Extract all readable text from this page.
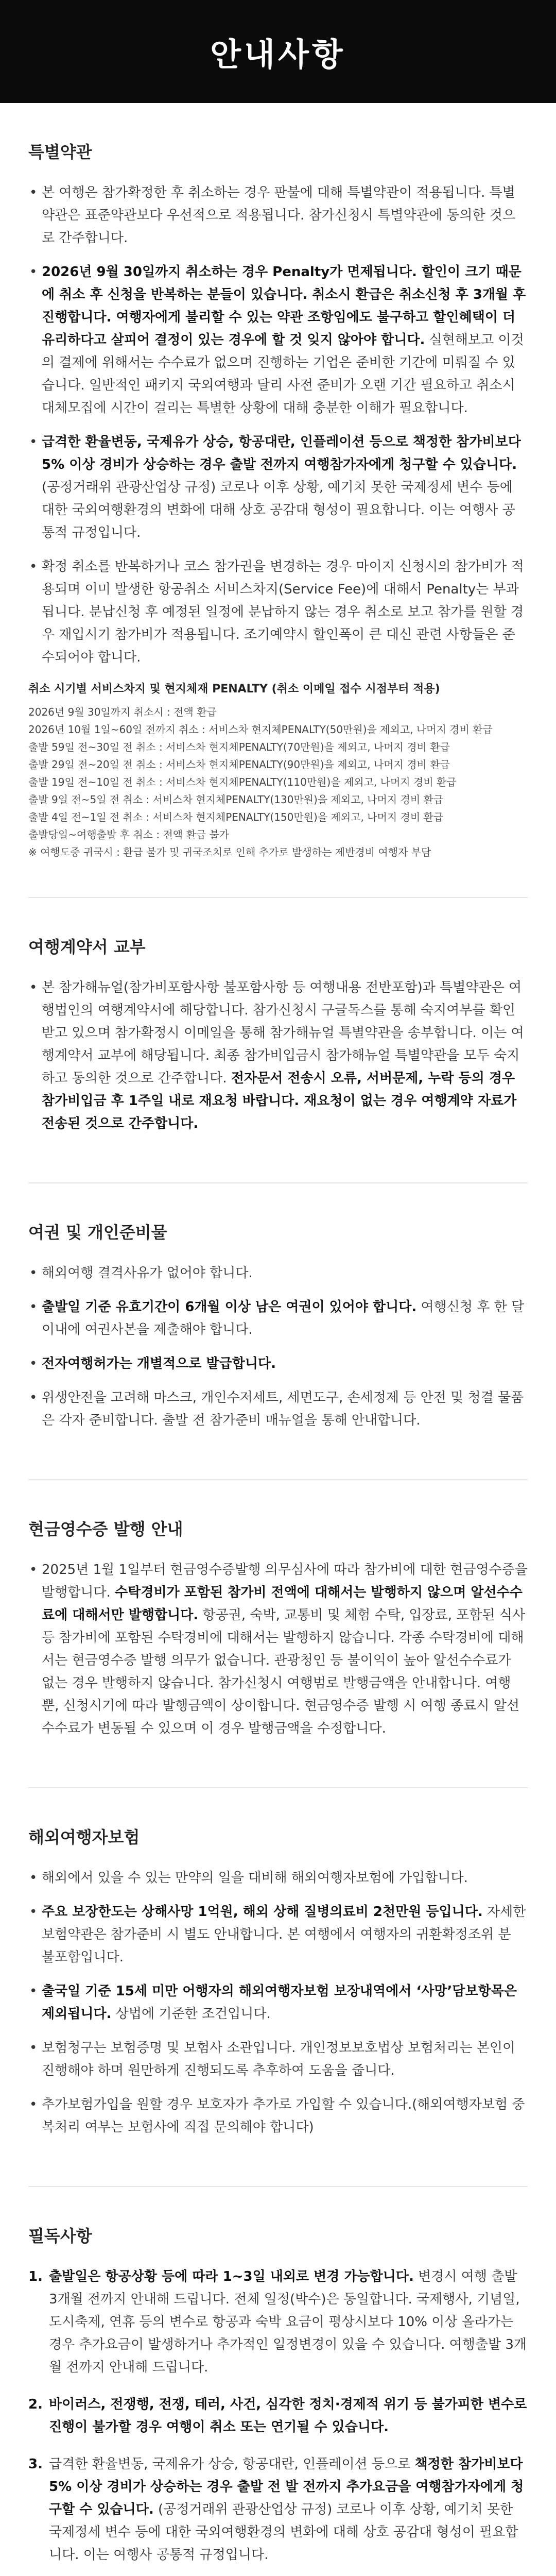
안내사항
특별약관
• 본 여행은 참가확정한 후 취소하는 경우 판불에 대해 특별약관이 적용됩니다. 특별약관은 표준약관보다 우선적으로 적용됩니다. 참가신청시 특별약관에 동의한 것으로 간주합니다.
• 2026년 9월 30일까지 취소하는 경우 Penalty가 면제됩니다. 할인이 크기 때문에 취소 후 신청을 반복하는 분들이 있습니다. 취소시 환급은 취소신청 후 3개월 후 진행합니다. 여행자에게 불리할 수 있는 약관 조항임에도 불구하고 할인혜택이 더 유리하다고 살피어 결정이 있는 경우에 할 것 잊지 않아야 합니다. 실현해보고 이것의 결제에 위해서는 수수료가 없으며 진행하는 기업은 준비한 기간에 미뤄질 수 있습니다. 일반적인 패키지 국외여행과 달리 사전 준비가 오랜 기간 필요하고 취소시 대체모집에 시간이 걸리는 특별한 상황에 대해 충분한 이해가 필요합니다.
• 급격한 환율변동, 국제유가 상승, 항공대란, 인플레이션 등으로 책정한 참가비보다 5% 이상 경비가 상승하는 경우 출발 전까지 여행참가자에게 청구할 수 있습니다.(공정거래위 관광산업상 규정) 코로나 이후 상황, 예기치 못한 국제정세 변수 등에 대한 국외여행환경의 변화에 대해 상호 공감대 형성이 필요합니다. 이는 여행사 공통적 규정입니다.
• 확정 취소를 반복하거나 코스 참가권을 변경하는 경우 마이지 신청시의 참가비가 적용되며 이미 발생한 항공취소 서비스차지(Service Fee)에 대해서 Penalty는 부과됩니다. 분납신청 후 예정된 일정에 분납하지 않는 경우 취소로 보고 참가를 원할 경우 재입시기 참가비가 적용됩니다. 조기예약시 할인폭이 큰 대신 관련 사항들은 준수되어야 합니다.
취소 시기별 서비스차지 및 현지체재 PENALTY (취소 이메일 접수 시점부터 적용)
2026년 9월 30일까지 취소시 : 전액 환급
2026년 10월 1일~60일 전까지 취소 : 서비스차 현지체PENALTY(50만원)을 제외고, 나머지 경비 환급
출발 59일 전~30일 전 취소 : 서비스차 현지체PENALTY(70만원)을 제외고, 나머지 경비 환급
출발 29일 전~20일 전 취소 : 서비스차 현지체PENALTY(90만원)을 제외고, 나머지 경비 환급
출발 19일 전~10일 전 취소 : 서비스차 현지체PENALTY(110만원)을 제외고, 나머지 경비 환급
출발 9일 전~5일 전 취소 : 서비스차 현지체PENALTY(130만원)을 제외고, 나머지 경비 환급
출발 4일 전~1일 전 취소 : 서비스차 현지체PENALTY(150만원)을 제외고, 나머지 경비 환급
출발당일~여행출발 후 취소 : 전액 환급 불가
※ 여행도중 귀국시 : 환급 불가 및 귀국조치로 인해 추가로 발생하는 제반경비 여행자 부담
여행계약서 교부
• 본 참가해뉴얼(참가비포함사항 불포함사항 등 여행내용 전반포함)과 특별약관은 여행법인의 여행계약서에 해당합니다. 참가신청시 구글독스를 통해 숙지여부를 확인받고 있으며 참가확정시 이메일을 통해 참가해뉴얼 특별약관을 송부합니다. 이는 여행계약서 교부에 해당됩니다. 최종 참가비입금시 참가해뉴얼 특별약관을 모두 숙지하고 동의한 것으로 간주합니다. 전자문서 전송시 오류, 서버문제, 누락 등의 경우 참가비입금 후 1주일 내로 재요청 바랍니다. 재요청이 없는 경우 여행계약 자료가 전송된 것으로 간주합니다.
여권 및 개인준비물
• 해외여행 결격사유가 없어야 합니다.
• 출발일 기준 유효기간이 6개월 이상 남은 여권이 있어야 합니다. 여행신청 후 한 달 이내에 여권사본을 제출해야 합니다.
• 전자여행허가는 개별적으로 발급합니다.
• 위생안전을 고려해 마스크, 개인수저세트, 세면도구, 손세정제 등 안전 및 청결 물품은 각자 준비합니다. 출발 전 참가준비 매뉴얼을 통해 안내합니다.
현금영수증 발행 안내
• 2025년 1월 1일부터 현금영수증발행 의무심사에 따라 참가비에 대한 현금영수증을 발행합니다. 수탁경비가 포함된 참가비 전액에 대해서는 발행하지 않으며 알선수수료에 대해서만 발행합니다. 항공권, 숙박, 교통비 및 체험 수탁, 입장료, 포함된 식사 등 참가비에 포함된 수탁경비에 대해서는 발행하지 않습니다. 각종 수탁경비에 대해서는 현금영수증 발행 의무가 없습니다. 관광청인 등 불이익이 높아 알선수수료가 없는 경우 발행하지 않습니다. 참가신청시 여행범로 발행금액을 안내합니다. 여행뿐, 신청시기에 따라 발행금액이 상이합니다. 현금영수증 발행 시 여행 종료시 알선수수료가 변동될 수 있으며 이 경우 발행금액을 수정합니다.
해외여행자보험
• 해외에서 있을 수 있는 만약의 일을 대비해 해외여행자보험에 가입합니다.
• 주요 보장한도는 상해사망 1억원, 해외 상해 질병의료비 2천만원 등입니다. 자세한 보험약관은 참가준비 시 별도 안내합니다. 본 여행에서 여행자의 귀환확정조위 분 불포함입니다.
• 출국일 기준 15세 미만 어행자의 해외여행자보험 보장내역에서 ‘사망’담보항목은 제외됩니다. 상법에 기준한 조건입니다.
• 보험청구는 보험증명 및 보험사 소관입니다. 개인정보보호법상 보험처리는 본인이 진행해야 하며 원만하게 진행되도록 추후하여 도움을 줍니다.
• 추가보험가입을 원할 경우 보호자가 추가로 가입할 수 있습니다.(해외여행자보험 중복처리 여부는 보험사에 직접 문의해야 합니다)
필독사항
1. 출발일은 항공상황 등에 따라 1~3일 내외로 변경 가능합니다. 변경시 여행 출발 3개월 전까지 안내해 드립니다. 전체 일정(박수)은 동일합니다. 국제행사, 기념일, 도시축제, 연휴 등의 변수로 항공과 숙박 요금이 평상시보다 10% 이상 올라가는 경우 추가요금이 발생하거나 추가적인 일정변경이 있을 수 있습니다. 여행출발 3개월 전까지 안내해 드립니다.
2. 바이러스, 전쟁행, 전쟁, 테러, 사건, 심각한 정치·경제적 위기 등 불가피한 변수로 진행이 불가할 경우 여행이 취소 또는 연기될 수 있습니다.
3. 급격한 환율변동, 국제유가 상승, 항공대란, 인플레이션 등으로 책정한 참가비보다 5% 이상 경비가 상승하는 경우 출발 전 발 전까지 추가요금을 여행참가자에게 청구할 수 있습니다. (공정거래위 관광산업상 규정) 코로나 이후 상황, 예기치 못한 국제정세 변수 등에 대한 국외여행환경의 변화에 대해 상호 공감대 형성이 필요합니다. 이는 여행사 공통적 규정입니다.
